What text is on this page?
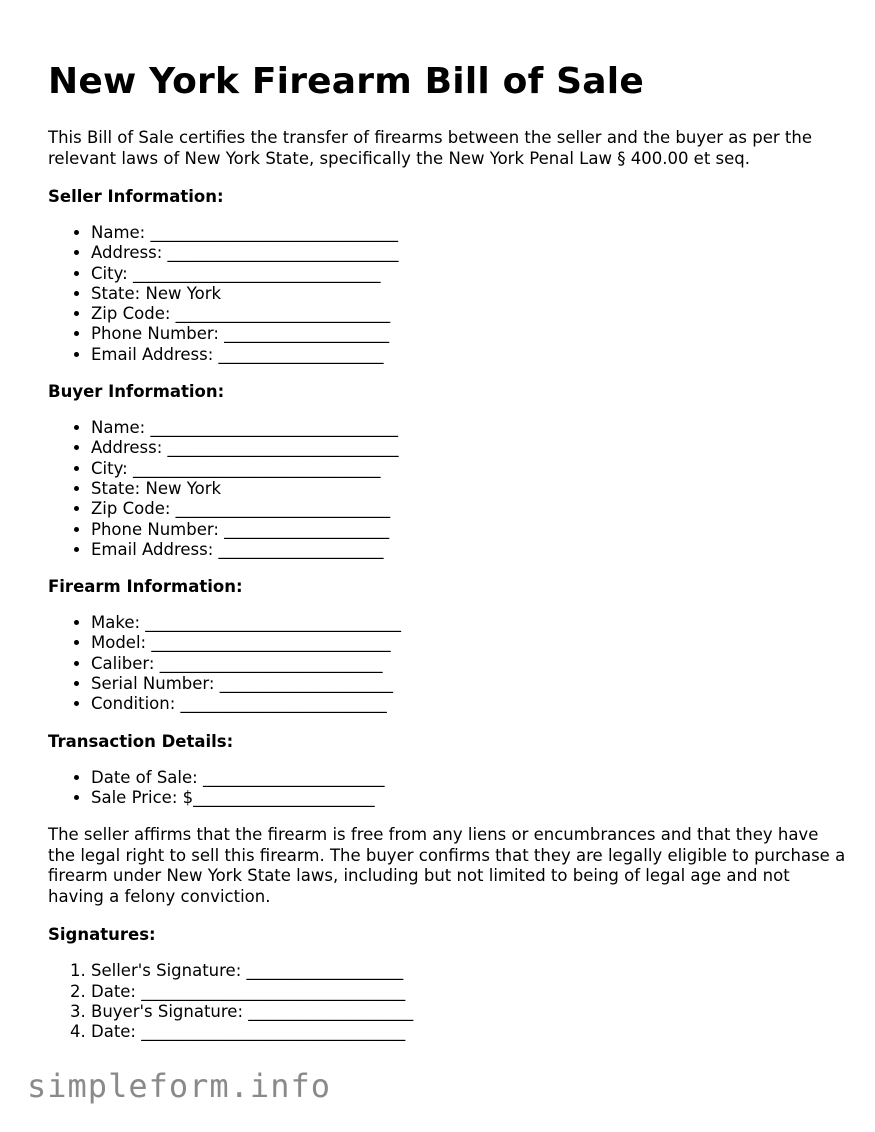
New York Firearm Bill of Sale

This Bill of Sale certifies the transfer of firearms between the seller and the buyer as per the relevant laws of New York State, specifically the New York Penal Law § 400.00 et seq.

Seller Information:
• Name: ______________________________
• Address: ____________________________
• City: ______________________________
• State: New York
• Zip Code: __________________________
• Phone Number: ____________________
• Email Address: ____________________
Buyer Information:
• Name: ______________________________
• Address: ____________________________
• City: ______________________________
• State: New York
• Zip Code: __________________________
• Phone Number: ____________________
• Email Address: ____________________
Firearm Information:
• Make: _______________________________
• Model: _____________________________
• Caliber: ___________________________
• Serial Number: _____________________
• Condition: _________________________
Transaction Details:
• Date of Sale: ______________________
• Sale Price: $______________________

The seller affirms that the firearm is free from any liens or encumbrances and that they have the legal right to sell this firearm. The buyer confirms that they are legally eligible to purchase a firearm under New York State laws, including but not limited to being of legal age and not having a felony conviction.

Signatures:
1. Seller's Signature: ___________________
2. Date: ________________________________
3. Buyer's Signature: ____________________
4. Date: ________________________________
simpleform.info
